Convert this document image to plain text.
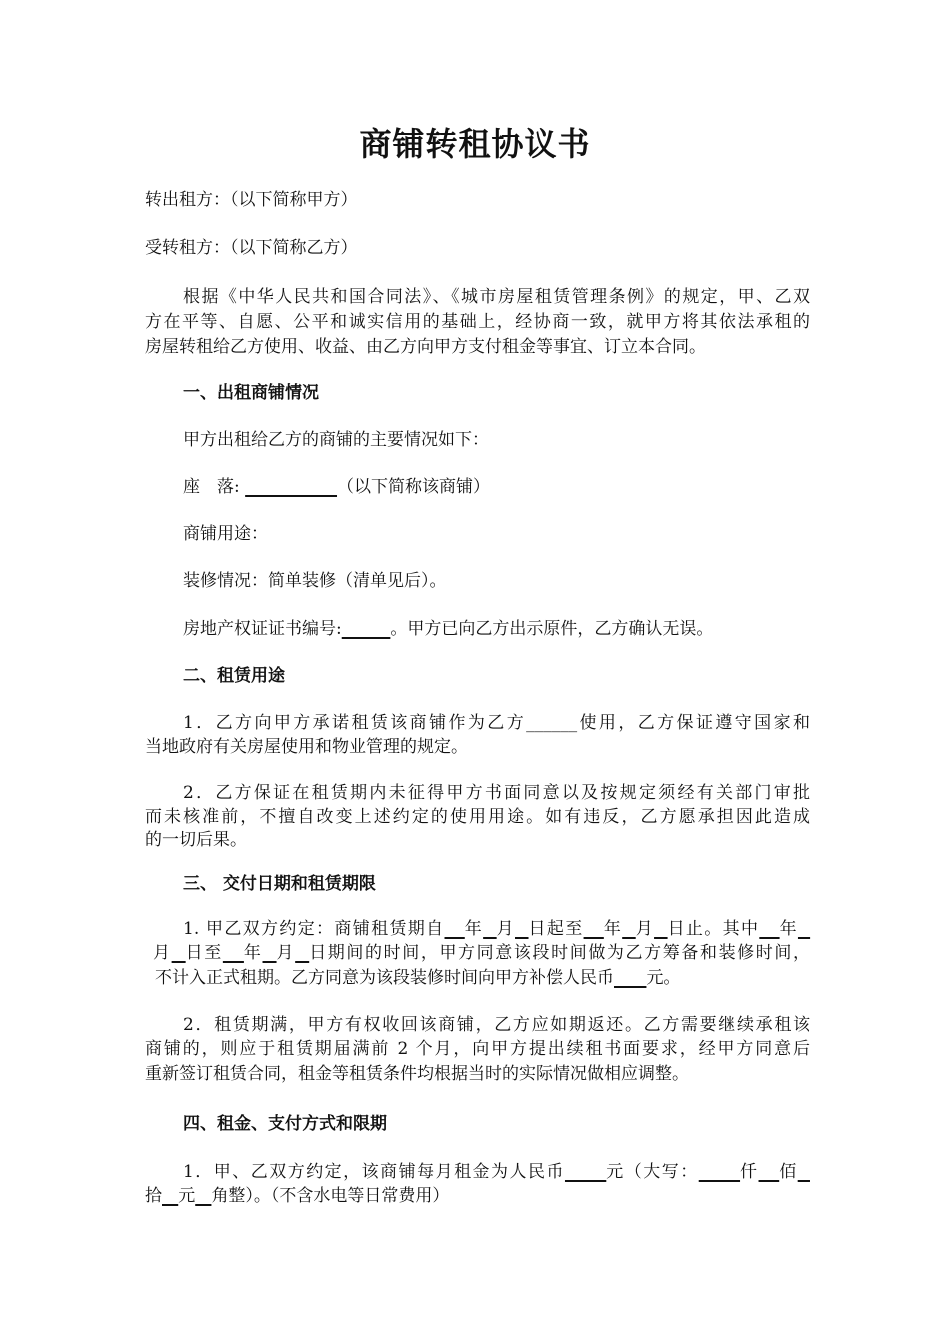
商铺转租协议书
转出租方：（以下简称甲方）
受转租方：（以下简称乙方）
根据《中华人民共和国合同法》、《城市房屋租赁管理条例》的规定，甲、乙双
方在平等、自愿、公平和诚实信用的基础上，经协商一致，就甲方将其依法承租的
房屋转租给乙方使用、收益、由乙方向甲方支付租金等事宜、订立本合同。
一、出租商铺情况
甲方出租给乙方的商铺的主要情况如下：
座　落:	（以下简称该商铺）
商铺用途：
装修情况：简单装修（清单见后）。
房地产权证证书编号:	。甲方已向乙方出示原件，乙方确认无误。
二、租赁用途
1．乙方向甲方承诺租赁该商铺作为乙方______使用，乙方保证遵守国家和
当地政府有关房屋使用和物业管理的规定。
2．乙方保证在租赁期内未征得甲方书面同意以及按规定须经有关部门审批
而未核准前，不擅自改变上述约定的使用用途。如有违反，乙方愿承担因此造成
的一切后果。
三、 交付日期和租赁期限
1. 甲乙双方约定：商铺租赁期自 年 月 日起至 年 月 日止。其中 年
月 日至 年 月 日期间的时间，甲方同意该段时间做为乙方筹备和装修时间，
不计入正式租期。乙方同意为该段装修时间向甲方补偿人民币 元。
2．租赁期满，甲方有权收回该商铺，乙方应如期返还。乙方需要继续承租该
商铺的，则应于租赁期届满前 2 个月，向甲方提出续租书面要求，经甲方同意后
重新签订租赁合同，租金等租赁条件均根据当时的实际情况做相应调整。
四、租金、支付方式和限期
1．甲、乙双方约定，该商铺每月租金为人民币 元（大写： 仟 佰
拾 元 角整）。（不含水电等日常费用）
